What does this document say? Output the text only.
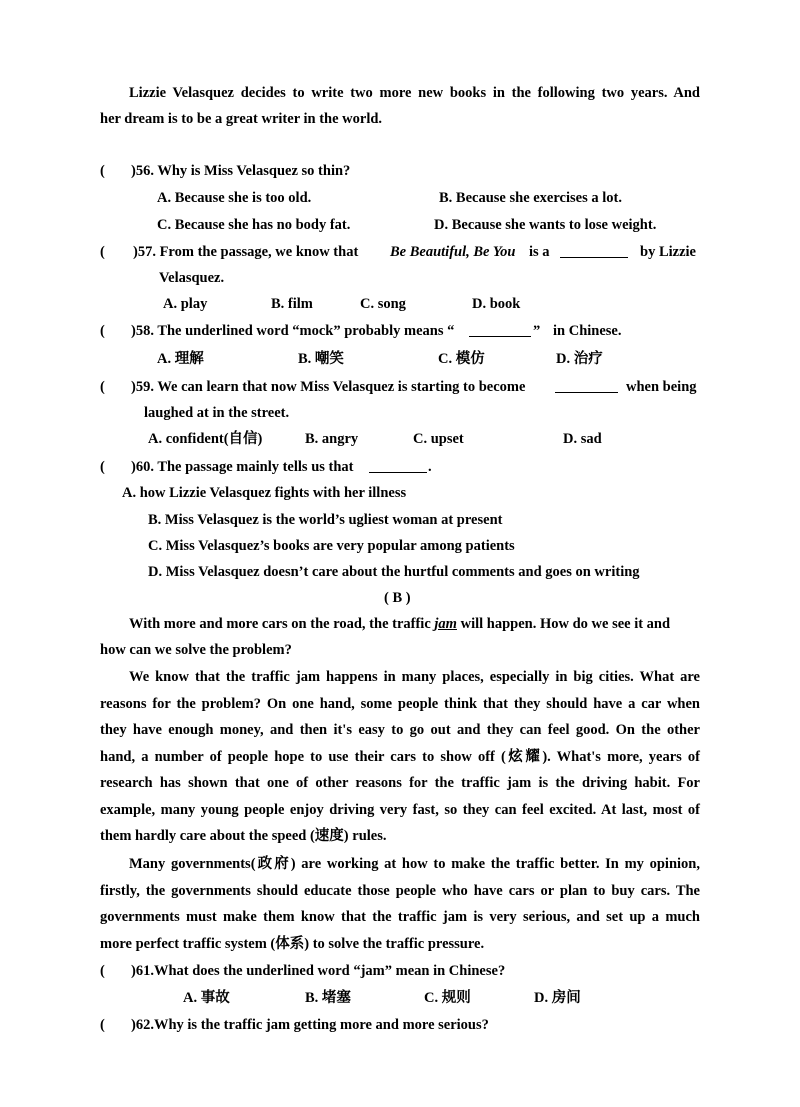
Lizzie Velasquez decides to write two more new books in the following two years. And
her dream is to be a great writer in the world.
( )56. Why is Miss Velasquez so thin?
A. Because she is too old.	B. Because she exercises a lot.
C. Because she has no body fat.	D. Because she wants to lose weight.
( )57. From the passage, we know that Be Beautiful, Be You is a	by Lizzie
Velasquez.
A. play	B. film	C. song	D. book
( )58. The underlined word “mock” probably means “	” in Chinese.
A. 理解	B. 嘲笑	C. 模仿	D. 治疗
( )59. We can learn that now Miss Velasquez is starting to become	when being
laughed at in the street.
A. confident(自信)	B. angry	C. upset	D. sad
( )60. The passage mainly tells us that	.
A. how Lizzie Velasquez fights with her illness
B. Miss Velasquez is the world’s ugliest woman at present
C. Miss Velasquez’s books are very popular among patients
D. Miss Velasquez doesn’t care about the hurtful comments and goes on writing
( B )
With more and more cars on the road, the traffic jam will happen. How do we see it and
how can we solve the problem?
We know that the traffic jam happens in many places, especially in big cities. What are
reasons for the problem? On one hand, some people think that they should have a car when
they have enough money, and then it's easy to go out and they can feel good. On the other
hand, a number of people hope to use their cars to show off (炫耀). What's more, years of
research has shown that one of other reasons for the traffic jam is the driving habit. For
example, many young people enjoy driving very fast, so they can feel excited. At last, most of
them hardly care about the speed (速度) rules.
Many governments(政府) are working at how to make the traffic better. In my opinion,
firstly, the governments should educate those people who have cars or plan to buy cars. The
governments must make them know that the traffic jam is very serious, and set up a much
more perfect traffic system (体系) to solve the traffic pressure.
( )61.What does the underlined word “jam” mean in Chinese?
A. 事故	B. 堵塞	C. 规则	D. 房间
( )62.Why is the traffic jam getting more and more serious?
